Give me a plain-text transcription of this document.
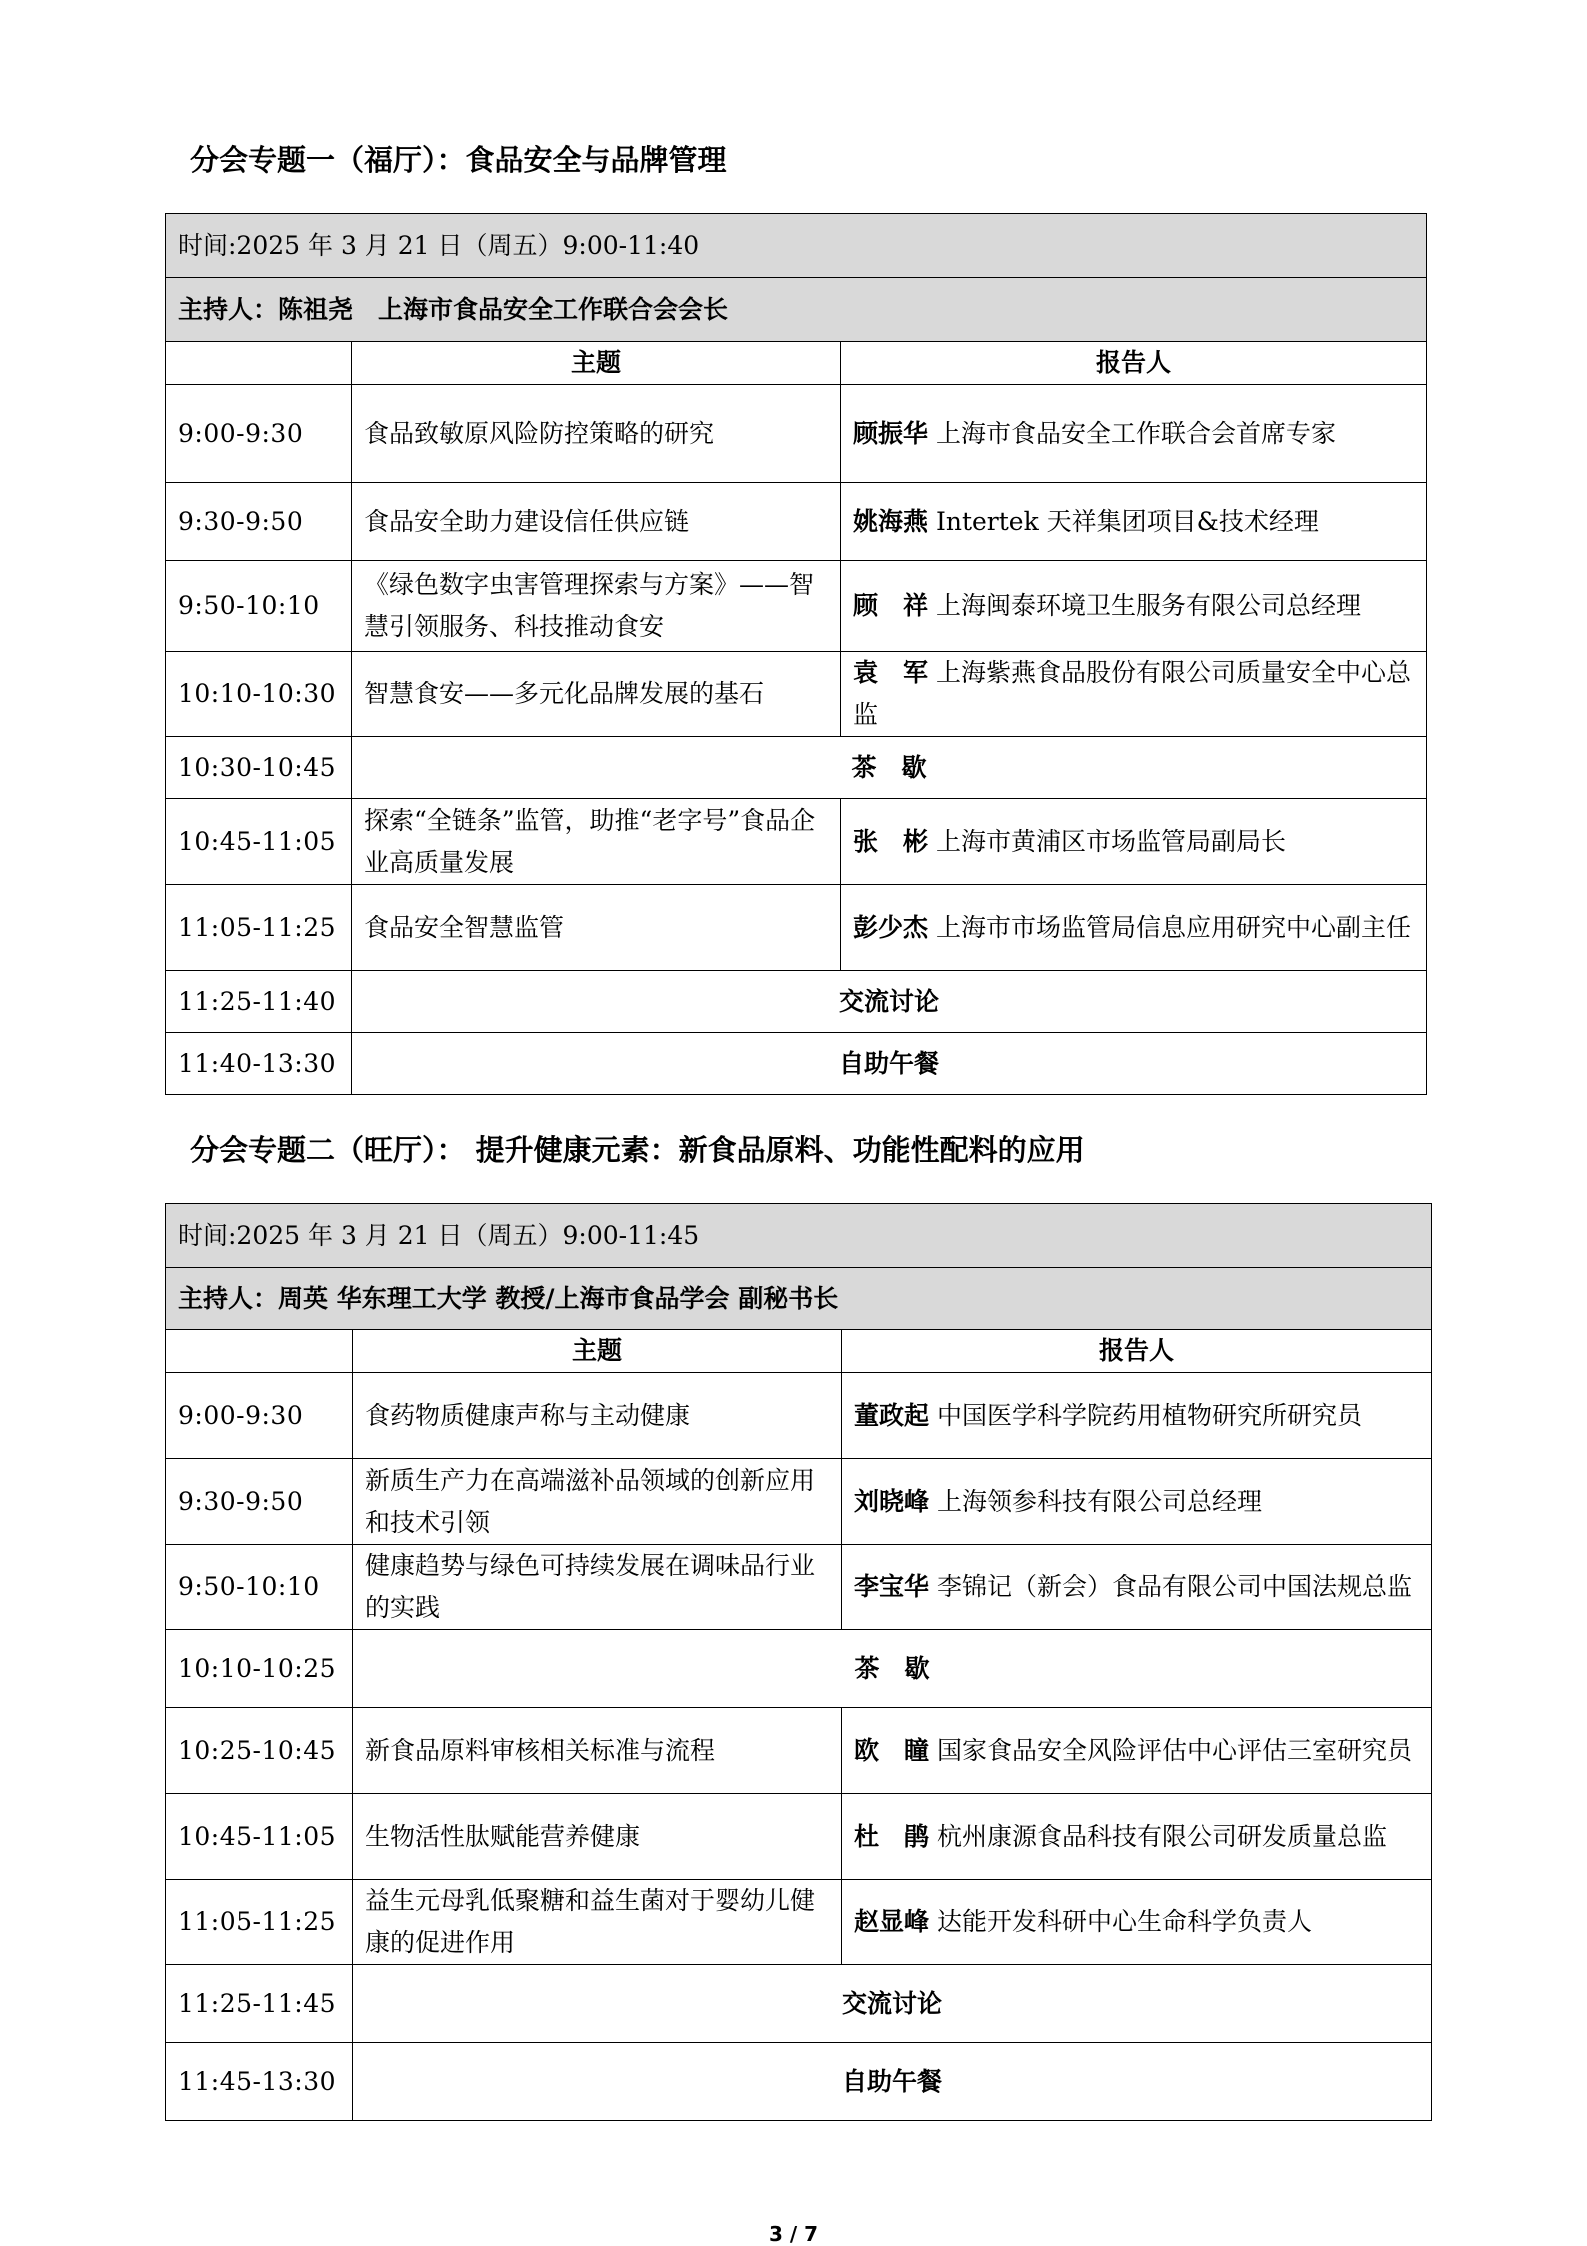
分会专题一（福厅）：食品安全与品牌管理
时间:2025 年 3 月 21 日（周五）9:00-11:40		
主持人：陈祖尧　上海市食品安全工作联合会会长		
	主题	报告人
9:00-9:30	食品致敏原风险防控策略的研究	顾振华 上海市食品安全工作联合会首席专家
9:30-9:50	食品安全助力建设信任供应链	姚海燕 Intertek 天祥集团项目&技术经理
9:50-10:10	《绿色数字虫害管理探索与方案》——智慧引领服务、科技推动食安	顾　祥 上海闽泰环境卫生服务有限公司总经理
10:10-10:30	智慧食安——多元化品牌发展的基石	袁　军 上海紫燕食品股份有限公司质量安全中心总监
10:30-10:45	茶　歇	
10:45-11:05	探索“全链条”监管，助推“老字号”食品企业高质量发展	张　彬 上海市黄浦区市场监管局副局长
11:05-11:25	食品安全智慧监管	彭少杰 上海市市场监管局信息应用研究中心副主任
11:25-11:40	交流讨论	
11:40-13:30	自助午餐	
分会专题二（旺厅）： 提升健康元素：新食品原料、功能性配料的应用
时间:2025 年 3 月 21 日（周五）9:00-11:45		
主持人：周英 华东理工大学 教授/上海市食品学会 副秘书长		
	主题	报告人
9:00-9:30	食药物质健康声称与主动健康	董政起 中国医学科学院药用植物研究所研究员
9:30-9:50	新质生产力在高端滋补品领域的创新应用和技术引领	刘晓峰 上海领参科技有限公司总经理
9:50-10:10	健康趋势与绿色可持续发展在调味品行业的实践	李宝华 李锦记（新会）食品有限公司中国法规总监
10:10-10:25	茶　歇	
10:25-10:45	新食品原料审核相关标准与流程	欧　瞳 国家食品安全风险评估中心评估三室研究员
10:45-11:05	生物活性肽赋能营养健康	杜　鹃 杭州康源食品科技有限公司研发质量总监
11:05-11:25	益生元母乳低聚糖和益生菌对于婴幼儿健康的促进作用	赵显峰 达能开发科研中心生命科学负责人
11:25-11:45	交流讨论	
11:45-13:30	自助午餐	
3 / 7
